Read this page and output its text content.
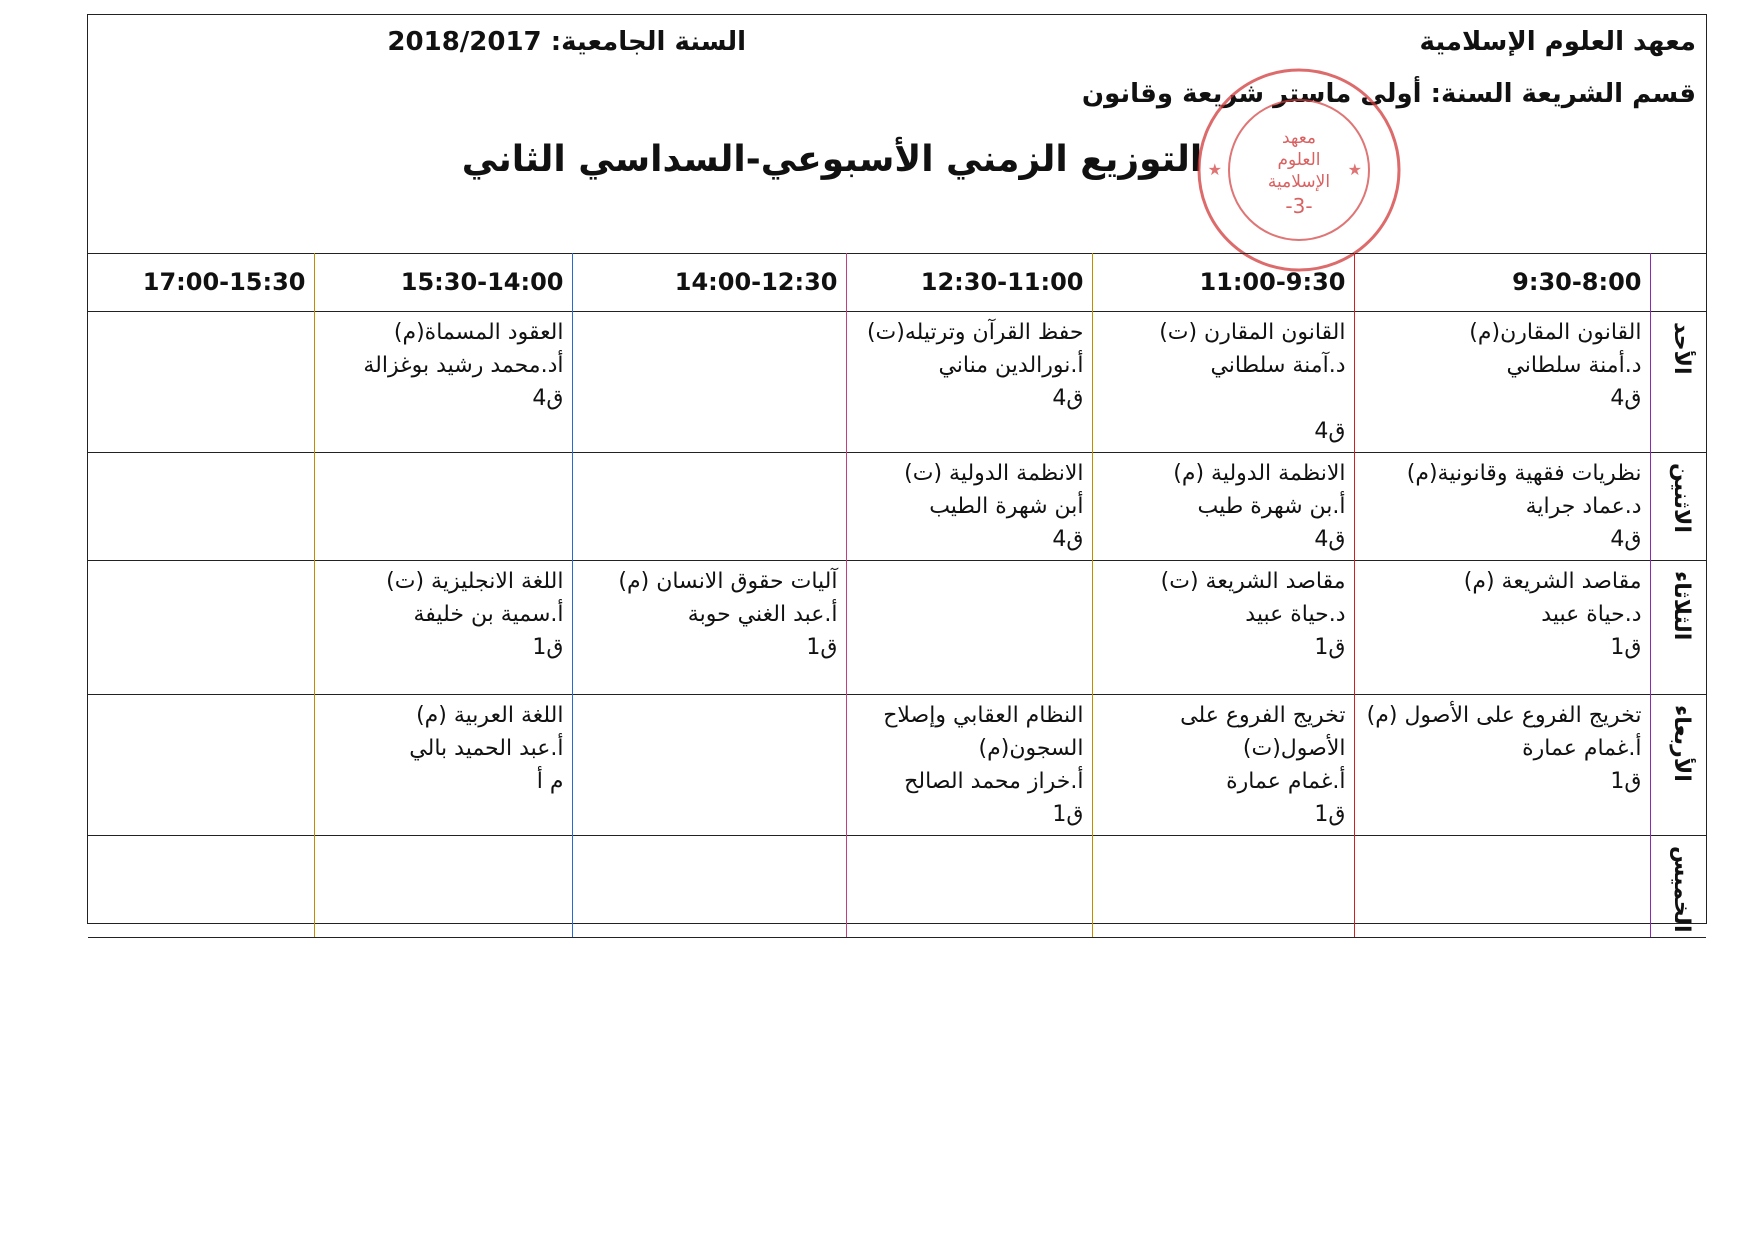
معهد العلوم الإسلامية
السنة الجامعية: 2018/2017
قسم الشريعة السنة: أولى ماستر شريعة وقانون
التوزيع الزمني الأسبوعي-السداسي الثاني
معهد
العلوم
الإسلامية
-3-
★	★
	9:30-8:00	11:00-9:30	12:30-11:00	14:00-12:30	15:30-14:00	17:00-15:30

الأحد	القانون المقارن(م)
د.أمنة سلطاني
ق4	القانون المقارن (ت)
د.آمنة سلطاني
ق4	حفظ القرآن وترتيله(ت)
أ.نورالدين مناني
ق4		العقود المسماة(م)
أد.محمد رشيد بوغزالة
ق4	

الاثنين	نظريات فقهية وقانونية(م)
د.عماد جراية
ق4	الانظمة الدولية (م)
أ.بن شهرة طيب
ق4	الانظمة الدولية (ت)
أبن شهرة الطيب
ق4			

الثلاثاء	مقاصد الشريعة (م)
د.حياة عبيد
ق1	مقاصد الشريعة (ت)
د.حياة عبيد
ق1		آليات حقوق الانسان (م)
أ.عبد الغني حوبة
ق1	اللغة الانجليزية (ت)
أ.سمية بن خليفة
ق1	

الأربعاء	تخريج الفروع على الأصول (م)
أ.غمام عمارة
ق1	تخريج الفروع على الأصول(ت)
أ.غمام عمارة
ق1	النظام العقابي وإصلاح السجون(م)
أ.خراز محمد الصالح
ق1		اللغة العربية (م)
أ.عبد الحميد بالي
م أ	

الخميس						
